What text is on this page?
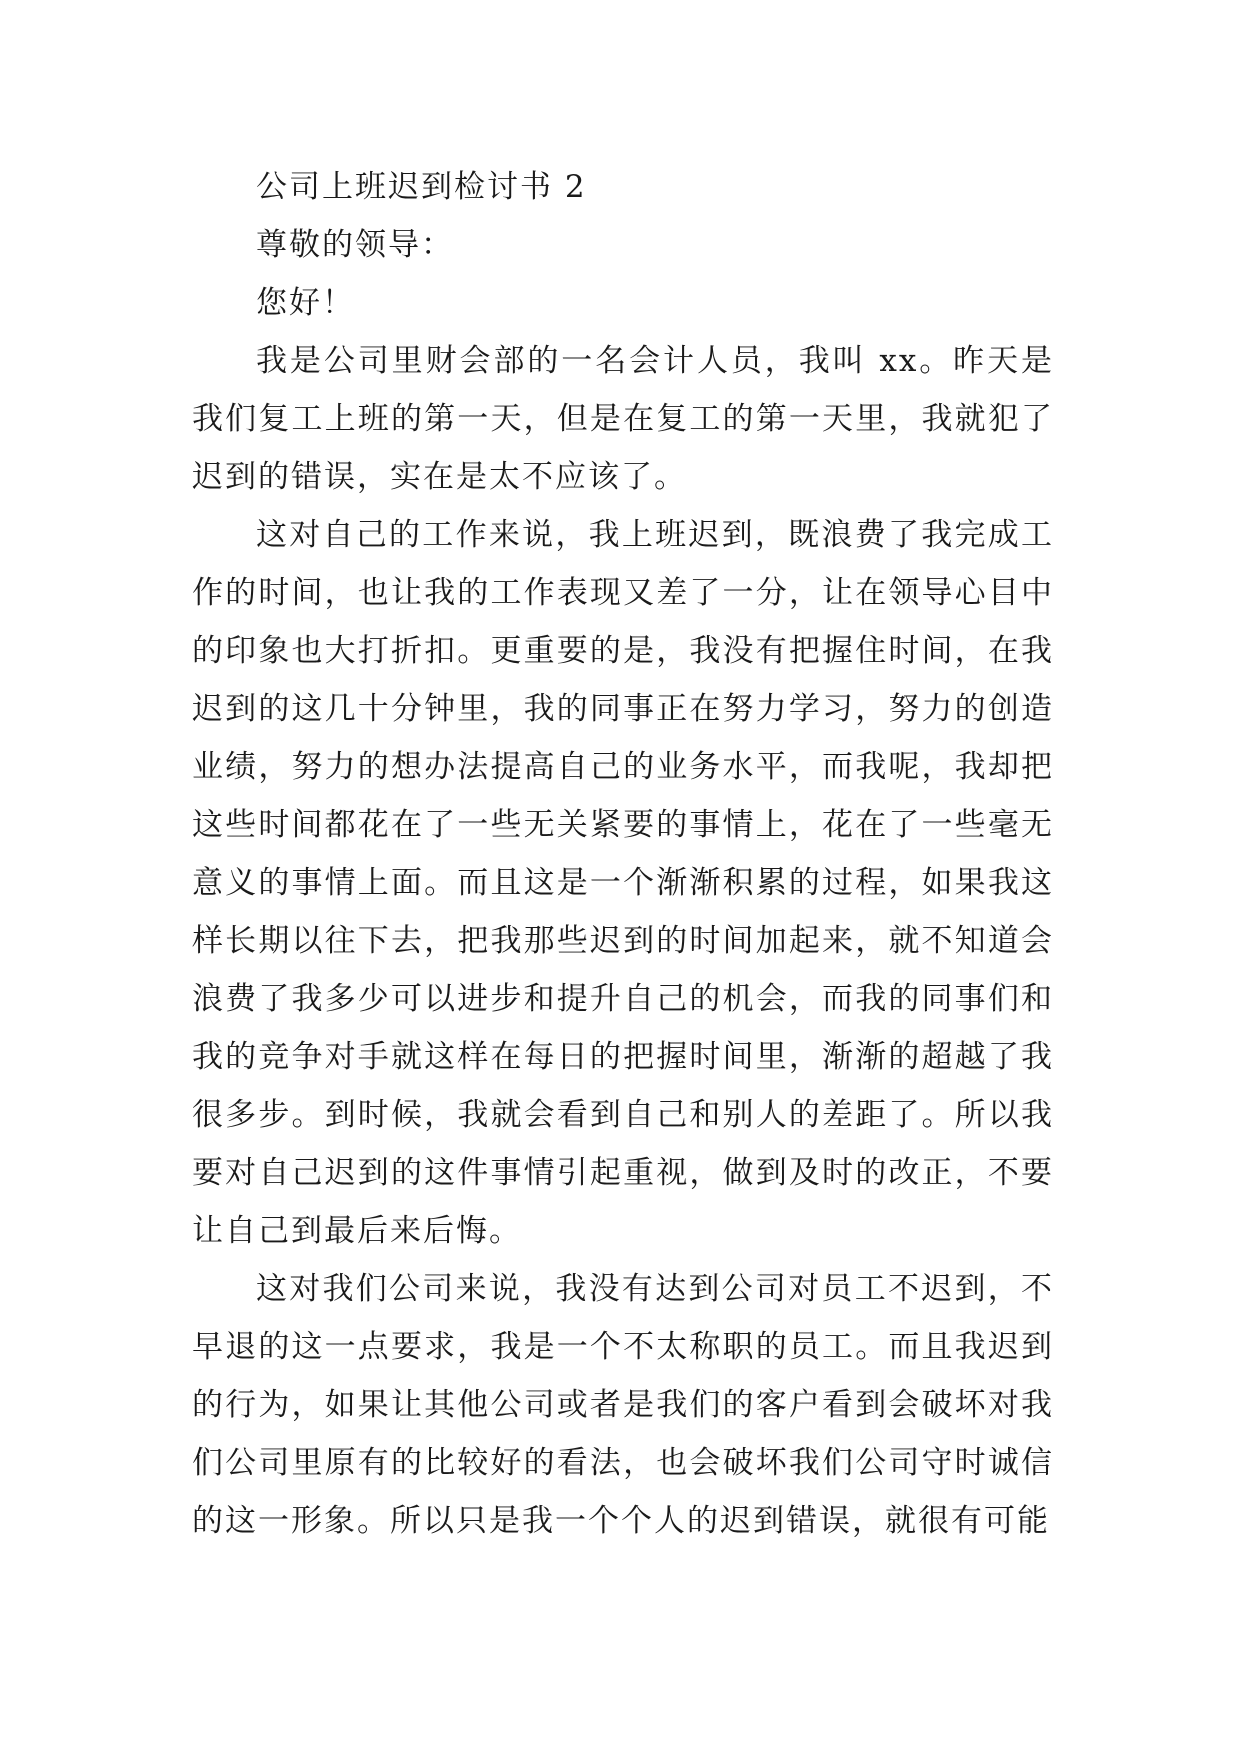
公司上班迟到检讨书 2

尊敬的领导：

您好！

我是公司里财会部的一名会计人员，我叫 xx。昨天是我们复工上班的第一天，但是在复工的第一天里，我就犯了迟到的错误，实在是太不应该了。

这对自己的工作来说，我上班迟到，既浪费了我完成工作的时间，也让我的工作表现又差了一分，让在领导心目中的印象也大打折扣。更重要的是，我没有把握住时间，在我迟到的这几十分钟里，我的同事正在努力学习，努力的创造业绩，努力的想办法提高自己的业务水平，而我呢，我却把这些时间都花在了一些无关紧要的事情上，花在了一些毫无意义的事情上面。而且这是一个渐渐积累的过程，如果我这样长期以往下去，把我那些迟到的时间加起来，就不知道会浪费了我多少可以进步和提升自己的机会，而我的同事们和我的竞争对手就这样在每日的把握时间里，渐渐的超越了我很多步。到时候，我就会看到自己和别人的差距了。所以我要对自己迟到的这件事情引起重视，做到及时的改正，不要让自己到最后来后悔。

这对我们公司来说，我没有达到公司对员工不迟到，不早退的这一点要求，我是一个不太称职的员工。而且我迟到的行为，如果让其他公司或者是我们的客户看到会破坏对我们公司里原有的比较好的看法，也会破坏我们公司守时诚信的这一形象。所以只是我一个个人的迟到错误，就很有可能
